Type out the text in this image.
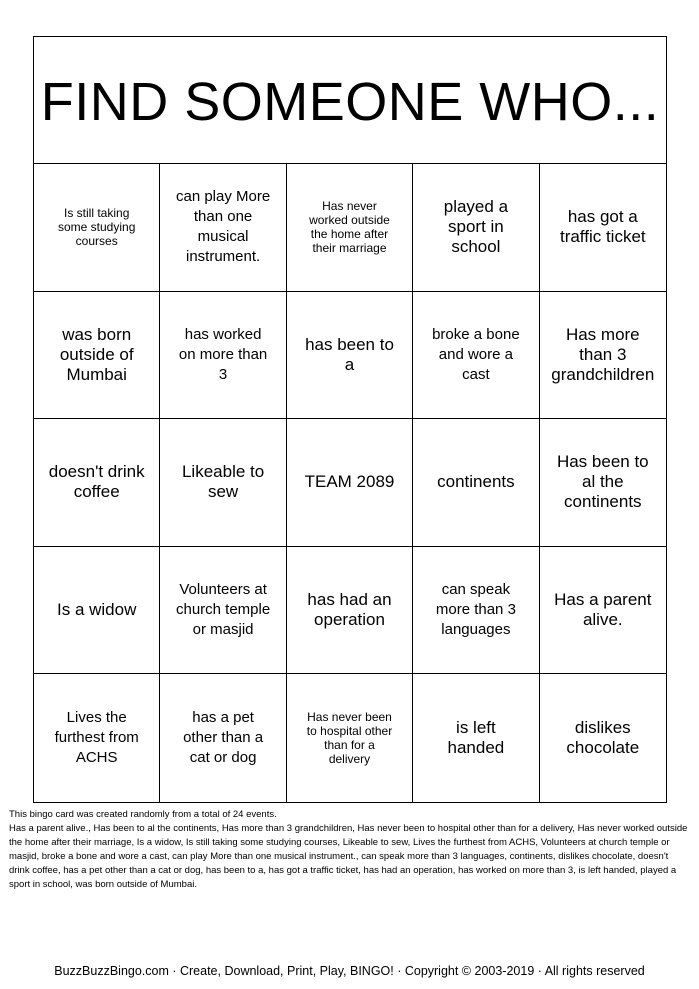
FIND SOMEONE WHO...
Is still taking some studying courses
can play More than one musical instrument.
Has never worked outside the home after their marriage
played a sport in school
has got a traffic ticket
was born outside of Mumbai
has worked on more than 3
has been to a
broke a bone and wore a cast
Has more than 3 grandchildren
doesn't drink coffee
Likeable to sew
TEAM 2089	continents
Has been to al the continents
Is a widow
Volunteers at church temple or masjid
has had an operation
can speak more than 3 languages
Has a parent alive.
Lives the furthest from ACHS
has a pet other than a cat or dog
Has never been to hospital other than for a delivery
is left handed
dislikes chocolate

This bingo card was created randomly from a total of 24 events.

Has a parent alive., Has been to al the continents, Has more than 3 grandchildren, Has never been to hospital other than for a delivery, Has never worked outside the home after their marriage, Is a widow, Is still taking some studying courses, Likeable to sew, Lives the furthest from ACHS, Volunteers at church temple or masjid, broke a bone and wore a cast, can play More than one musical instrument., can speak more than 3 languages, continents, dislikes chocolate, doesn't drink coffee, has a pet other than a cat or dog, has been to a, has got a traffic ticket, has had an operation, has worked on more than 3, is left handed, played a sport in school, was born outside of Mumbai.

BuzzBuzzBingo.com · Create, Download, Print, Play, BINGO! · Copyright © 2003-2019 · All rights reserved
